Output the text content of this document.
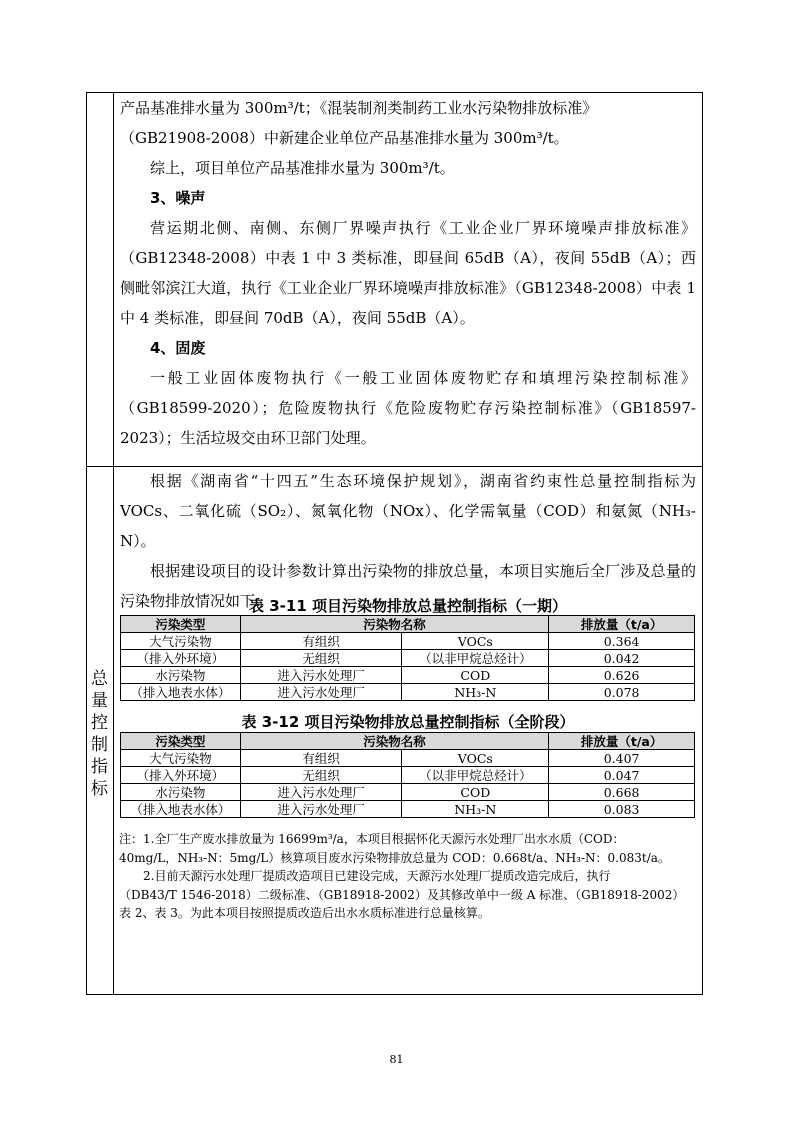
总
量
控
制
指
标

产品基准排水量为 300m³/t；《混装制剂类制药工业水污染物排放标准》

（GB21908-2008）中新建企业单位产品基准排水量为 300m³/t。

综上，项目单位产品基准排水量为 300m³/t。

3、噪声

营运期北侧、南侧、东侧厂界噪声执行《工业企业厂界环境噪声排放标准》（GB12348-2008）中表 1 中 3 类标准，即昼间 65dB（A），夜间 55dB（A）；西侧毗邻滨江大道，执行《工业企业厂界环境噪声排放标准》（GB12348-2008）中表 1 中 4 类标准，即昼间 70dB（A），夜间 55dB（A）。

4、固废

一般工业固体废物执行《一般工业固体废物贮存和填埋污染控制标准》（GB18599-2020）；危险废物执行《危险废物贮存污染控制标准》（GB18597-2023）；生活垃圾交由环卫部门处理。

根据《湖南省“十四五”生态环境保护规划》，湖南省约束性总量控制指标为 VOCs、二氧化硫（SO₂）、氮氧化物（NOx）、化学需氧量（COD）和氨氮（NH₃-N）。

根据建设项目的设计参数计算出污染物的排放总量，本项目实施后全厂涉及总量的污染物排放情况如下：

表 3-11 项目污染物排放总量控制指标（一期）
污染类型	污染物名称		排放量（t/a）
大气污染物	有组织	VOCs	0.364
（排入外环境）	无组织	（以非甲烷总烃计）	0.042
水污染物	进入污水处理厂	COD	0.626
（排入地表水体）	进入污水处理厂	NH₃-N	0.078
表 3-12 项目污染物排放总量控制指标（全阶段）
污染类型	污染物名称		排放量（t/a）
大气污染物	有组织	VOCs	0.407
（排入外环境）	无组织	（以非甲烷总烃计）	0.047
水污染物	进入污水处理厂	COD	0.668
（排入地表水体）	进入污水处理厂	NH₃-N	0.083

注：1.全厂生产废水排放量为 16699m³/a，本项目根据怀化天源污水处理厂出水水质（COD：

40mg/L，NH₃-N：5mg/L）核算项目废水污染物排放总量为 COD：0.668t/a、NH₃-N：0.083t/a。

2.目前天源污水处理厂提质改造项目已建设完成，天源污水处理厂提质改造完成后，执行

（DB43/T 1546-2018）二级标准、（GB18918-2002）及其修改单中一级 A 标准、（GB18918-2002）

表 2、表 3。为此本项目按照提质改造后出水水质标准进行总量核算。

81
